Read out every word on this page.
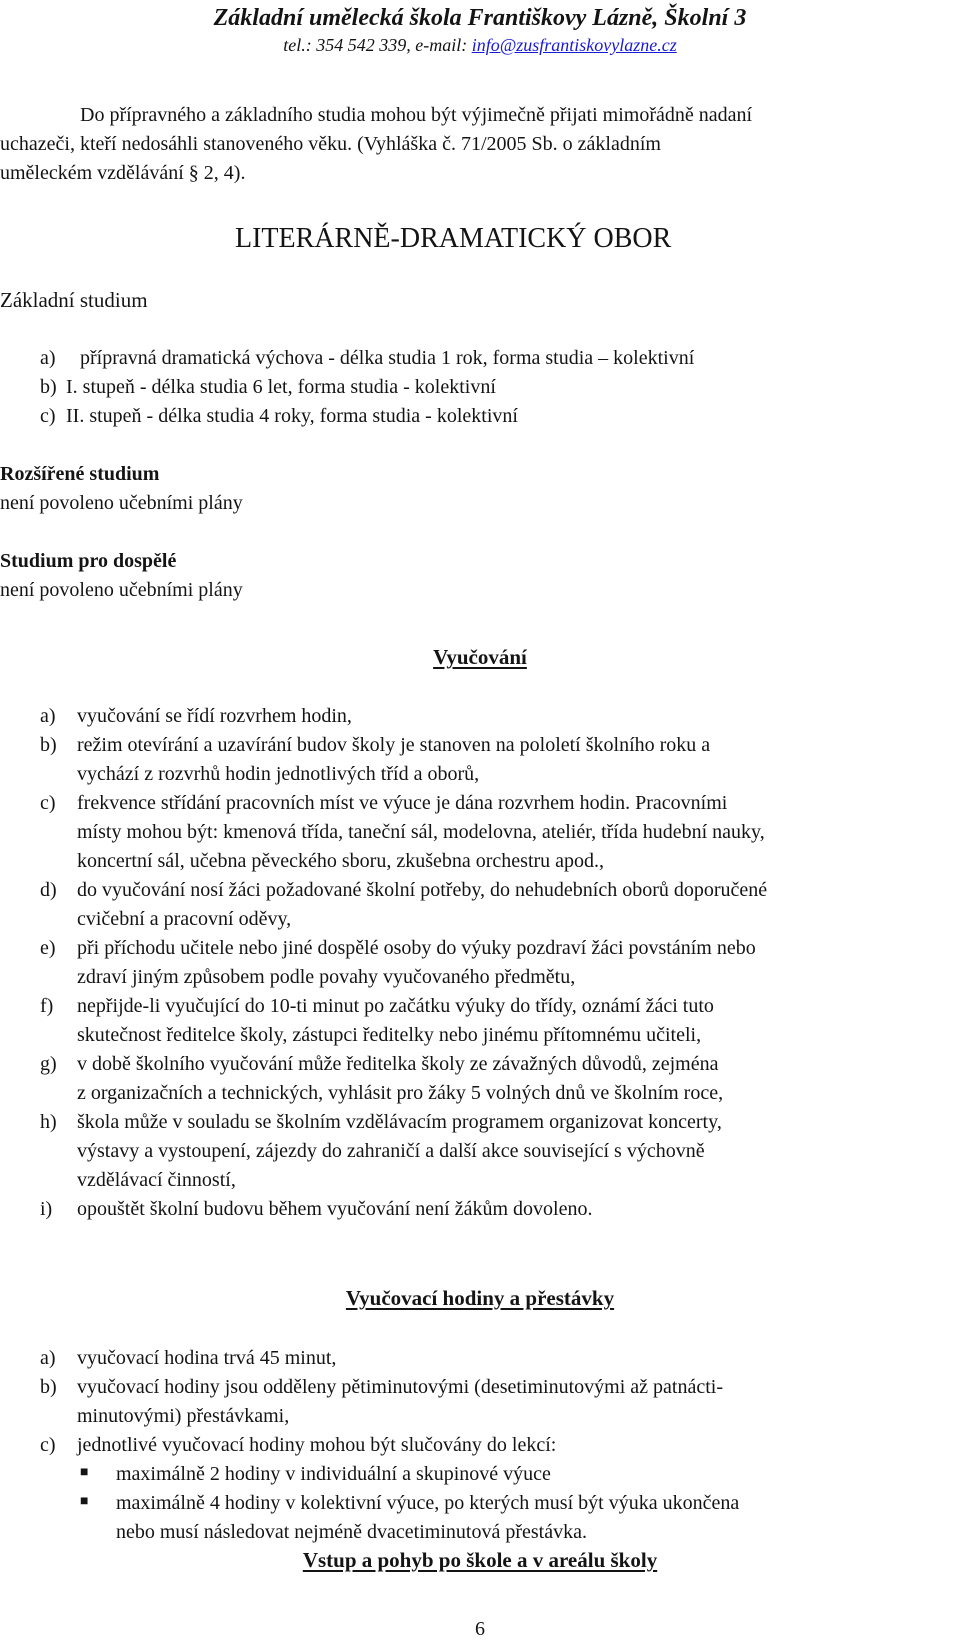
Základní umělecká škola Františkovy Lázně, Školní 3
tel.: 354 542 339, e-mail: info@zusfrantiskovylazne.cz
Do přípravného a základního studia mohou být výjimečně přijati mimořádně nadaní
uchazeči, kteří nedosáhli stanoveného věku. (Vyhláška č. 71/2005 Sb. o základním
uměleckém vzdělávání § 2, 4).
LITERÁRNĚ-DRAMATICKÝ OBOR
Základní studium
a) přípravná dramatická výchova - délka studia 1 rok, forma studia – kolektivní
b) I. stupeň - délka studia 6 let, forma studia - kolektivní
c) II. stupeň - délka studia 4 roky, forma studia - kolektivní
Rozšířené studium
není povoleno učebními plány
Studium pro dospělé
není povoleno učebními plány
Vyučování
a) vyučování se řídí rozvrhem hodin,
b) režim otevírání a uzavírání budov školy je stanoven na pololetí školního roku a
vychází z rozvrhů hodin jednotlivých tříd a oborů,
c) frekvence střídání pracovních míst ve výuce je dána rozvrhem hodin. Pracovními
místy mohou být: kmenová třída, taneční sál, modelovna, ateliér, třída hudební nauky,
koncertní sál, učebna pěveckého sboru, zkušebna orchestru apod.,
d) do vyučování nosí žáci požadované školní potřeby, do nehudebních oborů doporučené
cvičební a pracovní oděvy,
e) při příchodu učitele nebo jiné dospělé osoby do výuky pozdraví žáci povstáním nebo
zdraví jiným způsobem podle povahy vyučovaného předmětu,
f) nepřijde-li vyučující do 10-ti minut po začátku výuky do třídy, oznámí žáci tuto
skutečnost ředitelce školy, zástupci ředitelky nebo jinému přítomnému učiteli,
g) v době školního vyučování může ředitelka školy ze závažných důvodů, zejména
z organizačních a technických, vyhlásit pro žáky 5 volných dnů ve školním roce,
h) škola může v souladu se školním vzdělávacím programem organizovat koncerty,
výstavy a vystoupení, zájezdy do zahraničí a další akce související s výchovně
vzdělávací činností,
i) opouštět školní budovu během vyučování není žákům dovoleno.
Vyučovací hodiny a přestávky
a) vyučovací hodina trvá 45 minut,
b) vyučovací hodiny jsou odděleny pětiminutovými (desetiminutovými až patnácti-
minutovými) přestávkami,
c) jednotlivé vyučovací hodiny mohou být slučovány do lekcí:
■ maximálně 2 hodiny v individuální a skupinové výuce
■ maximálně 4 hodiny v kolektivní výuce, po kterých musí být výuka ukončena
nebo musí následovat nejméně dvacetiminutová přestávka.
Vstup a pohyb po škole a v areálu školy
6
